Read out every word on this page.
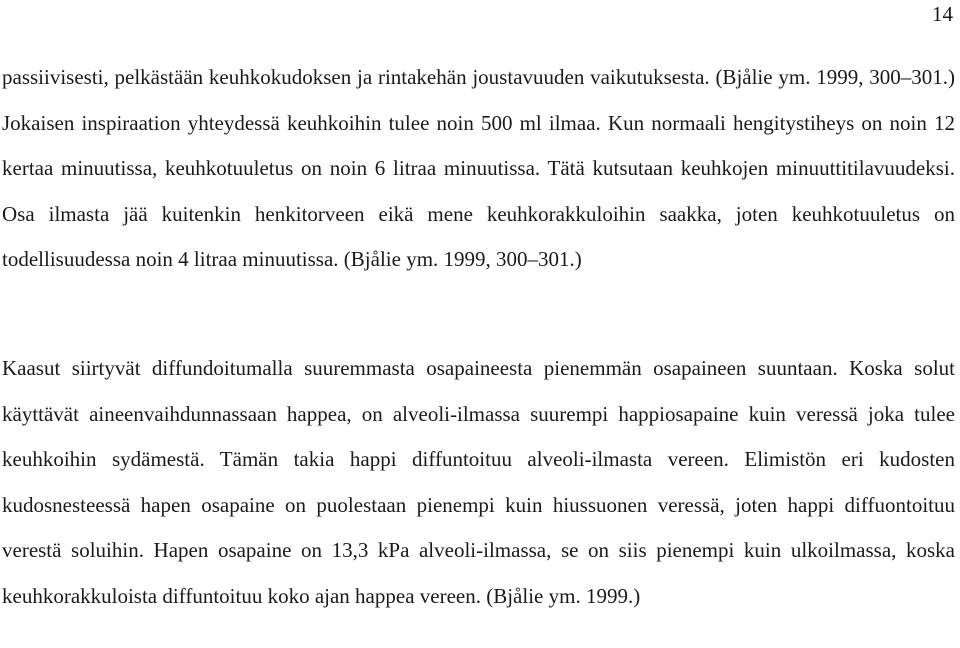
14

passiivisesti, pelkästään keuhkokudoksen ja rintakehän joustavuuden vaikutuksesta. (Bjålie ym. 1999, 300–301.) Jokaisen inspiraation yhteydessä keuhkoihin tulee noin 500 ml ilmaa. Kun normaali hengitystiheys on noin 12 kertaa minuutissa, keuhkotuuletus on noin 6 litraa minuutissa. Tätä kutsutaan keuhkojen minuuttitilavuudeksi. Osa ilmasta jää kuitenkin henkitorveen eikä mene keuhkorakkuloihin saakka, joten keuhkotuuletus on todellisuudessa noin 4 litraa minuutissa. (Bjålie ym. 1999, 300–301.)

Kaasut siirtyvät diffundoitumalla suuremmasta osapaineesta pienemmän osapaineen suuntaan. Koska solut käyttävät aineenvaihdunnassaan happea, on alveoli-ilmassa suurempi happiosapaine kuin veressä joka tulee keuhkoihin sydämestä. Tämän takia happi diffuntoituu alveoli-ilmasta vereen. Elimistön eri kudosten kudosnesteessä hapen osapaine on puolestaan pienempi kuin hiussuonen veressä, joten happi diffuontoituu verestä soluihin. Hapen osapaine on 13,3 kPa alveoli-ilmassa, se on siis pienempi kuin ulkoilmassa, koska keuhkorakkuloista diffuntoituu koko ajan happea vereen. (Bjålie ym. 1999.)
